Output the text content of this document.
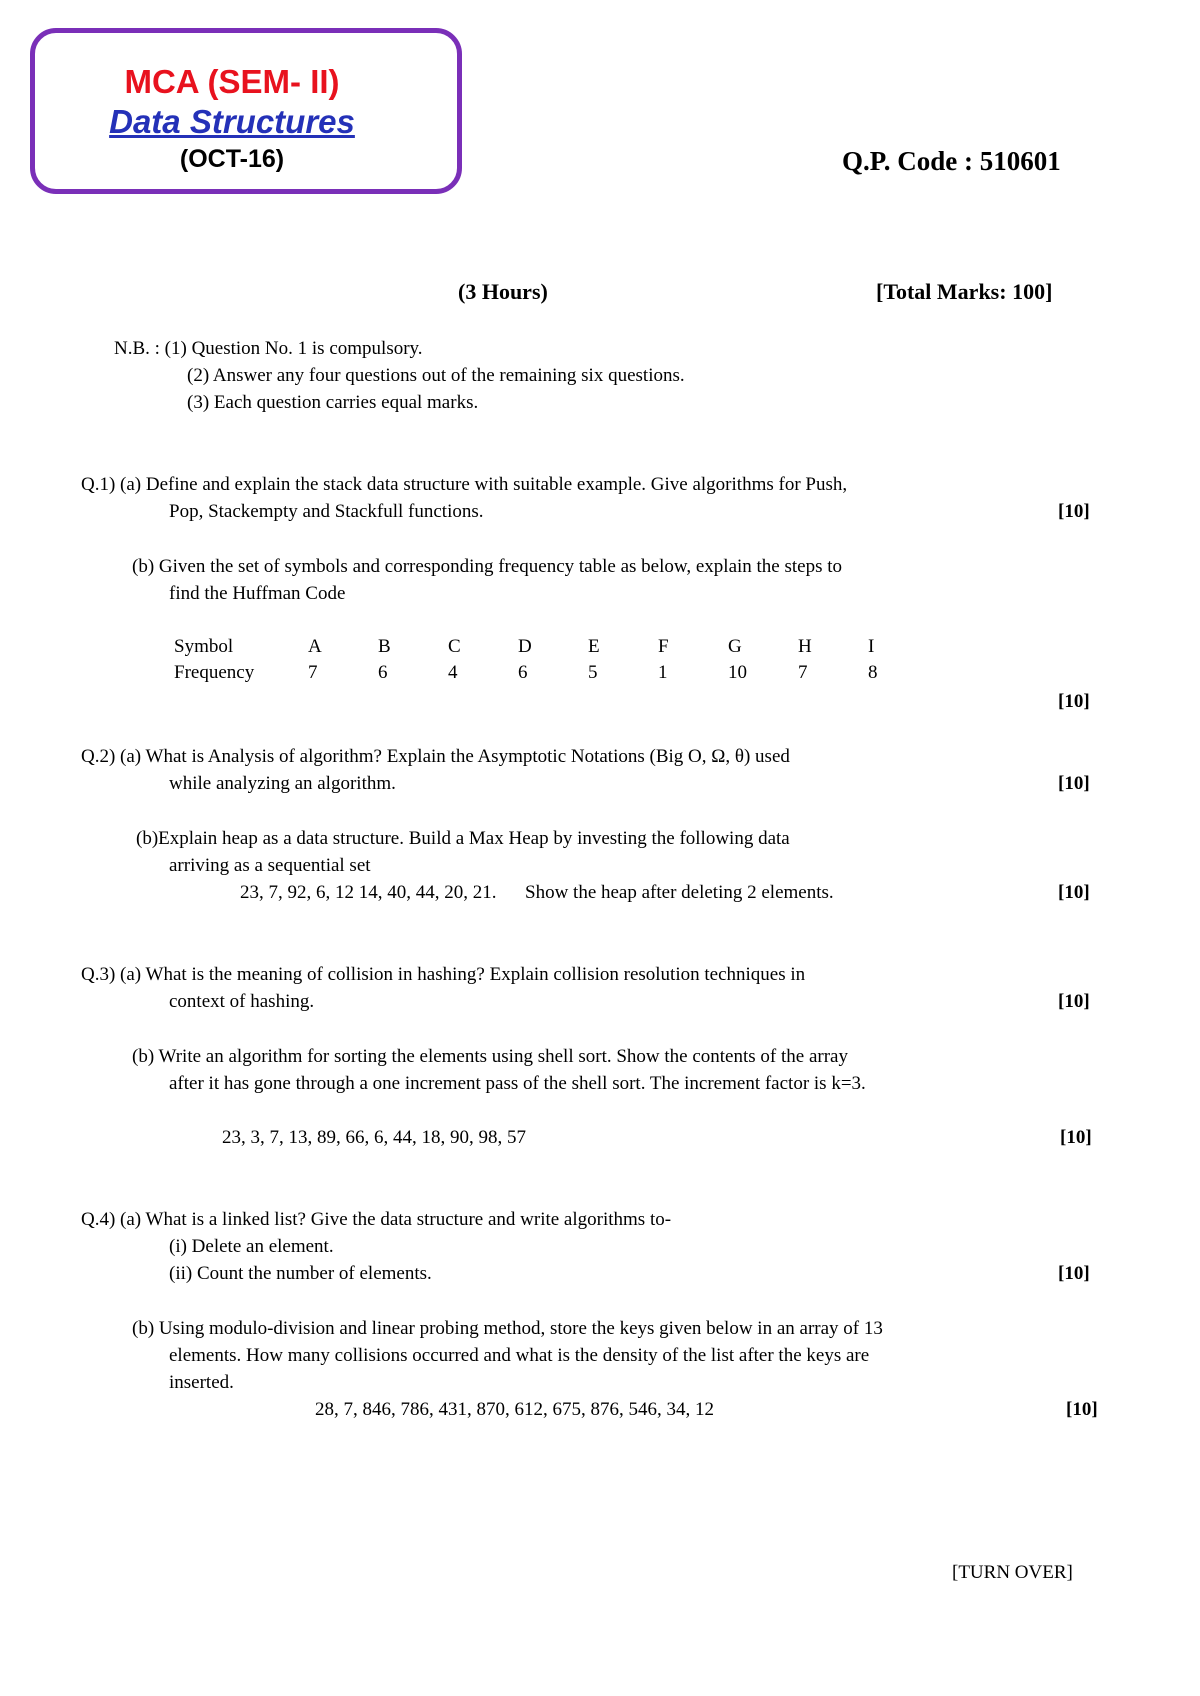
MCA (SEM- II)
Data Structures
(OCT-16)	Q.P. Code : 510601
(3 Hours)	[Total Marks: 100]
N.B. : (1) Question No. 1 is compulsory.
(2) Answer any four questions out of the remaining six questions.
(3) Each question carries equal marks.
Q.1) (a) Define and explain the stack data structure with suitable example. Give algorithms for Push,
Pop, Stackempty and Stackfull functions.	[10]
(b) Given the set of symbols and corresponding frequency table as below, explain the steps to
find the Huffman Code
Symbol	A	B	C	D	E	F	G	H	I
Frequency	7	6	4	6	5	1	10	7	8
[10]
Q.2) (a) What is Analysis of algorithm? Explain the Asymptotic Notations (Big O, Ω, θ) used
while analyzing an algorithm.	[10]
(b)Explain heap as a data structure. Build a Max Heap by investing the following data
arriving as a sequential set
23, 7, 92, 6, 12 14, 40, 44, 20, 21.      Show the heap after deleting 2 elements.	[10]
Q.3) (a) What is the meaning of collision in hashing? Explain collision resolution techniques in
context of hashing.	[10]
(b) Write an algorithm for sorting the elements using shell sort. Show the contents of the array
after it has gone through a one increment pass of the shell sort. The increment factor is k=3.
23, 3, 7, 13, 89, 66, 6, 44, 18, 90, 98, 57	[10]
Q.4) (a) What is a linked list? Give the data structure and write algorithms to-
(i) Delete an element.
(ii) Count the number of elements.	[10]
(b) Using modulo-division and linear probing method, store the keys given below in an array of 13
elements. How many collisions occurred and what is the density of the list after the keys are
inserted.
28, 7, 846, 786, 431, 870, 612, 675, 876, 546, 34, 12	[10]
[TURN OVER]
